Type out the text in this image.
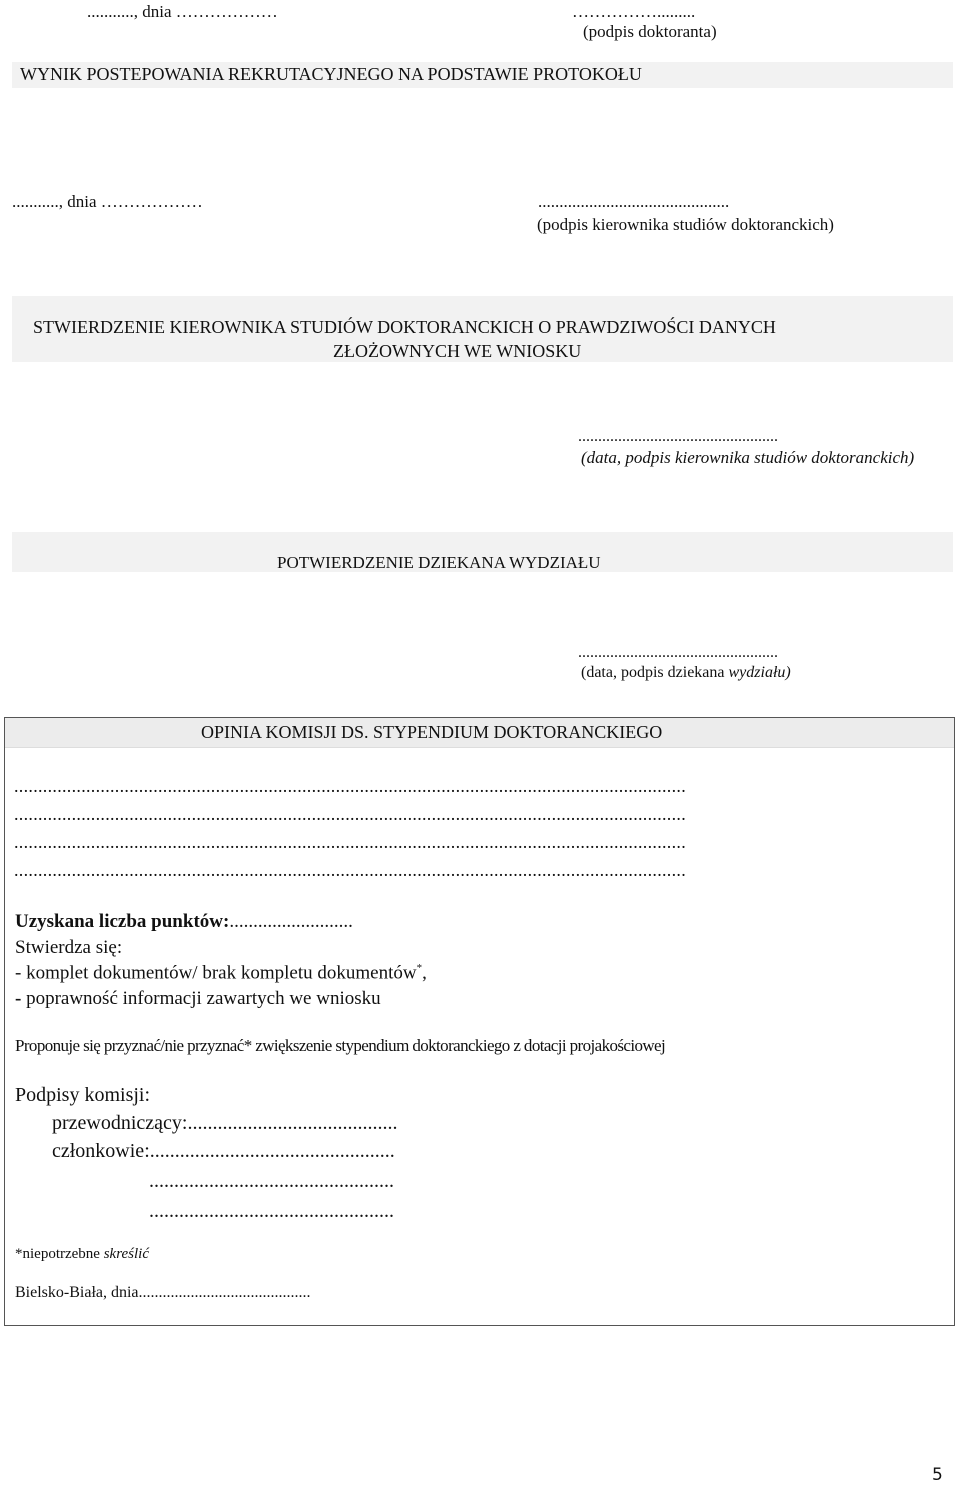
..........., dnia ………………	…………….........
(podpis doktoranta)
WYNIK POSTEPOWANIA REKRUTACYJNEGO NA PODSTAWIE PROTOKOŁU
..........., dnia ………………	.............................................
(podpis kierownika studiów doktoranckich)
STWIERDZENIE KIEROWNIKA STUDIÓW DOKTORANCKICH O PRAWDZIWOŚCI DANYCH
ZŁOŻOWNYCH WE WNIOSKU
..................................................
(data, podpis kierownika studiów doktoranckich)
POTWIERDZENIE DZIEKANA WYDZIAŁU
..................................................
(data, podpis dziekana wydziału)
OPINIA KOMISJI DS. STYPENDIUM DOKTORANCKIEGO
............................................................................................................................................
............................................................................................................................................
............................................................................................................................................
............................................................................................................................................
Uzyskana liczba punktów:..........................
Stwierdza się:
- komplet dokumentów/ brak kompletu dokumentów*,
- poprawność informacji zawartych we wniosku
Proponuje się przyznać/nie przyznać* zwiększenie stypendium doktoranckiego z dotacji projakościowej
Podpisy komisji:
przewodniczący:..........................................
członkowie:.................................................
.................................................
.................................................
*niepotrzebne skreślić
Bielsko-Biała, dnia...........................................
5
